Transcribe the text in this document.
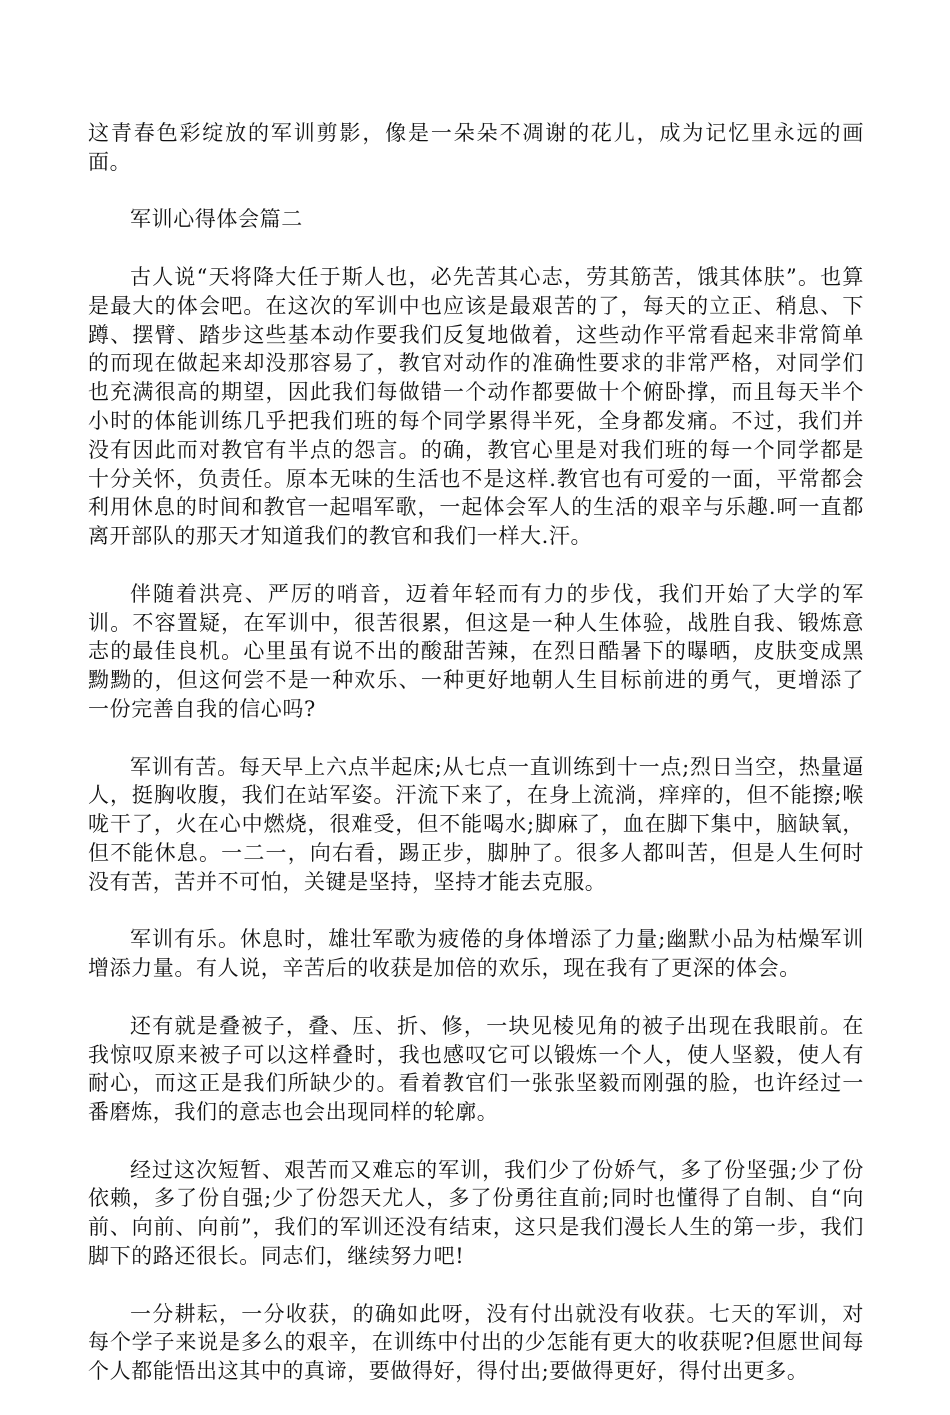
这青春色彩绽放的军训剪影，像是一朵朵不凋谢的花儿，成为记忆里永远的画面。

军训心得体会篇二

古人说“天将降大任于斯人也，必先苦其心志，劳其筋苦，饿其体肤”。也算是最大的体会吧。在这次的军训中也应该是最艰苦的了，每天的立正、稍息、下蹲、摆臂、踏步这些基本动作要我们反复地做着，这些动作平常看起来非常简单的而现在做起来却没那容易了，教官对动作的准确性要求的非常严格，对同学们也充满很高的期望，因此我们每做错一个动作都要做十个俯卧撑，而且每天半个小时的体能训练几乎把我们班的每个同学累得半死，全身都发痛。不过，我们并没有因此而对教官有半点的怨言。的确，教官心里是对我们班的每一个同学都是十分关怀，负责任。原本无味的生活也不是这样.教官也有可爱的一面，平常都会利用休息的时间和教官一起唱军歌，一起体会军人的生活的艰辛与乐趣.呵一直都离开部队的那天才知道我们的教官和我们一样大.汗。

伴随着洪亮、严厉的哨音，迈着年轻而有力的步伐，我们开始了大学的军训。不容置疑，在军训中，很苦很累，但这是一种人生体验，战胜自我、锻炼意志的最佳良机。心里虽有说不出的酸甜苦辣，在烈日酷暑下的曝晒，皮肤变成黑黝黝的，但这何尝不是一种欢乐、一种更好地朝人生目标前进的勇气，更增添了一份完善自我的信心吗?

军训有苦。每天早上六点半起床;从七点一直训练到十一点;烈日当空，热量逼人，挺胸收腹，我们在站军姿。汗流下来了，在身上流淌，痒痒的，但不能擦;喉咙干了，火在心中燃烧，很难受，但不能喝水;脚麻了，血在脚下集中，脑缺氧，但不能休息。一二一，向右看，踢正步，脚肿了。很多人都叫苦，但是人生何时没有苦，苦并不可怕，关键是坚持，坚持才能去克服。

军训有乐。休息时，雄壮军歌为疲倦的身体增添了力量;幽默小品为枯燥军训增添力量。有人说，辛苦后的收获是加倍的欢乐，现在我有了更深的体会。

还有就是叠被子，叠、压、折、修，一块见棱见角的被子出现在我眼前。在我惊叹原来被子可以这样叠时，我也感叹它可以锻炼一个人，使人坚毅，使人有耐心，而这正是我们所缺少的。看着教官们一张张坚毅而刚强的脸，也许经过一番磨炼，我们的意志也会出现同样的轮廓。

经过这次短暂、艰苦而又难忘的军训，我们少了份娇气，多了份坚强;少了份依赖，多了份自强;少了份怨天尤人，多了份勇往直前;同时也懂得了自制、自“向前、向前、向前”，我们的军训还没有结束，这只是我们漫长人生的第一步，我们脚下的路还很长。同志们，继续努力吧!

一分耕耘，一分收获，的确如此呀，没有付出就没有收获。七天的军训，对每个学子来说是多么的艰辛，在训练中付出的少怎能有更大的收获呢?但愿世间每个人都能悟出这其中的真谛，要做得好，得付出;要做得更好，得付出更多。
